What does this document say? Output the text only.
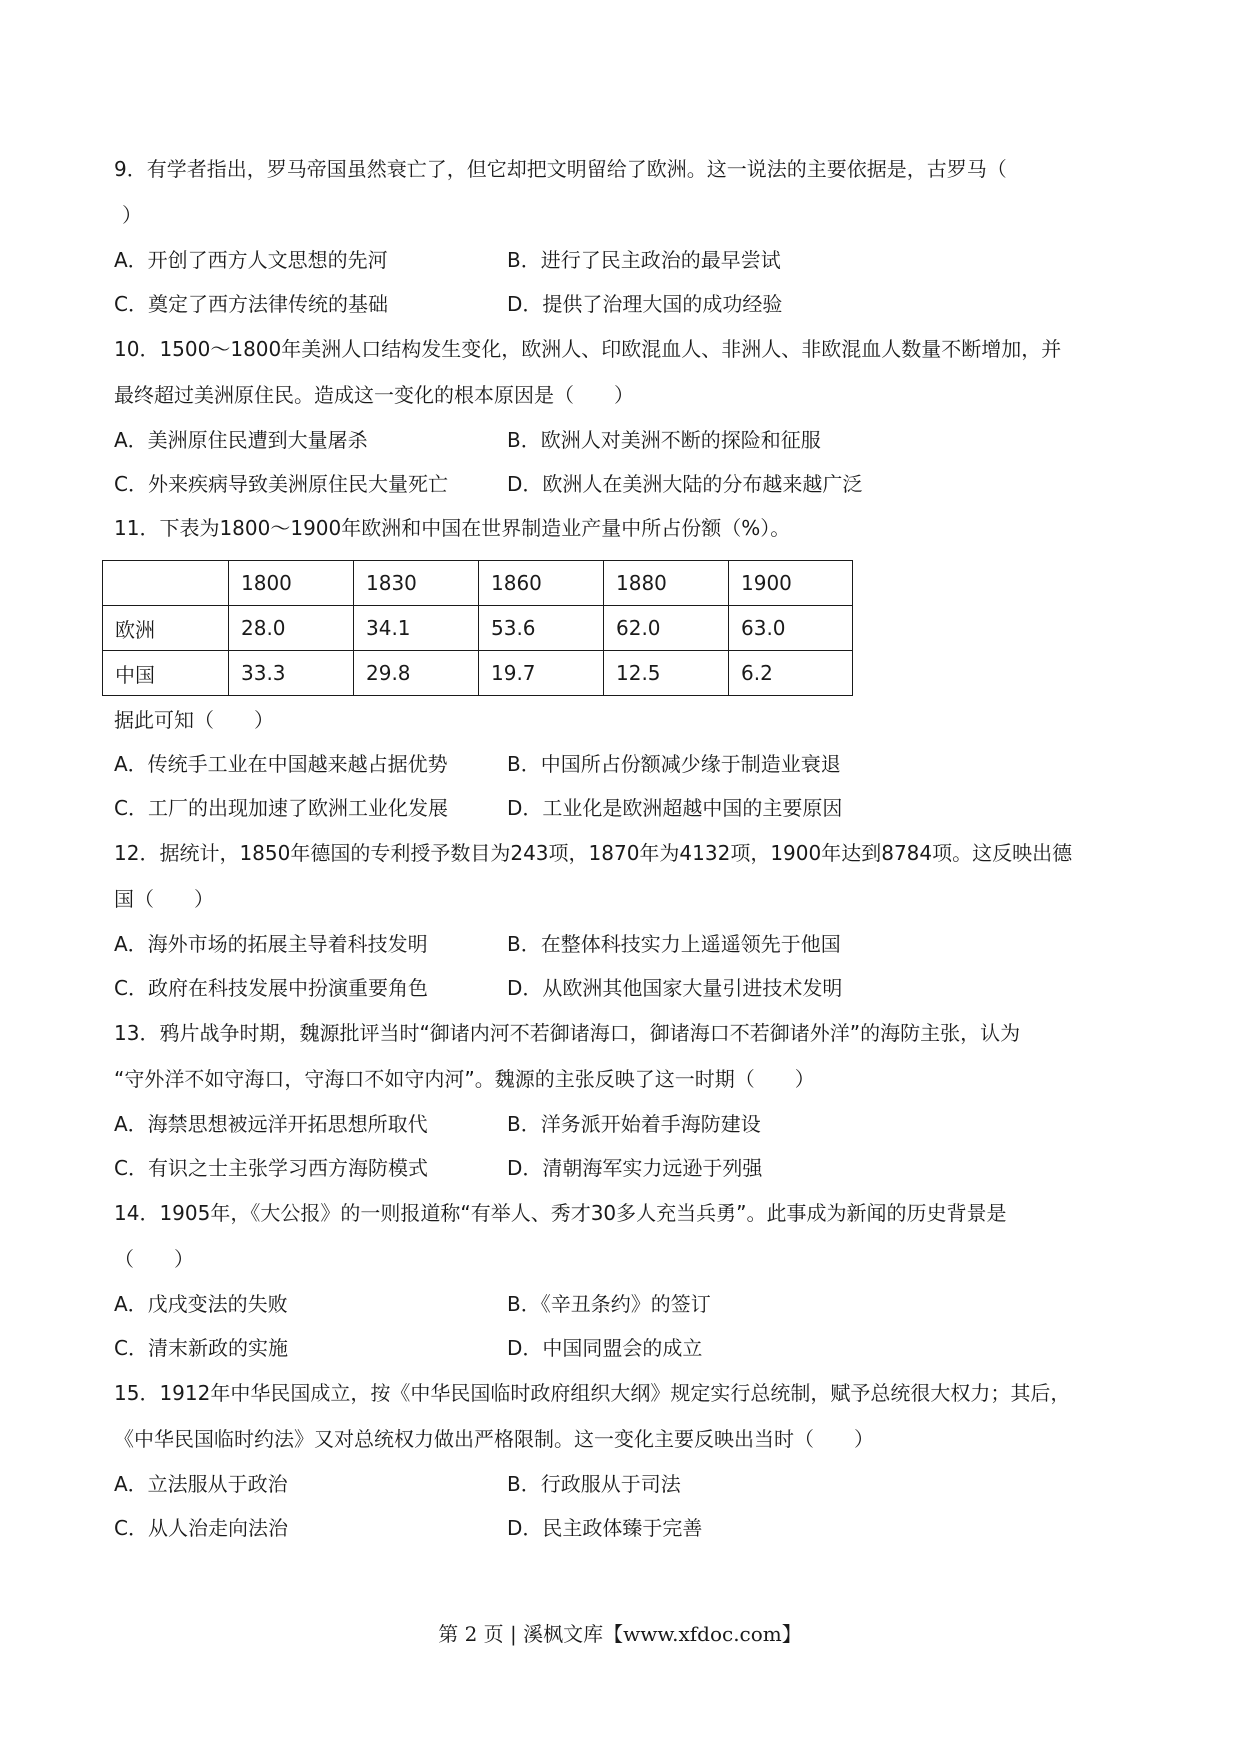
9．有学者指出，罗马帝国虽然衰亡了，但它却把文明留给了欧洲。这一说法的主要依据是，古罗马（
）
A．开创了西方人文思想的先河	B．进行了民主政治的最早尝试
C．奠定了西方法律传统的基础	D．提供了治理大国的成功经验
10．1500～1800年美洲人口结构发生变化，欧洲人、印欧混血人、非洲人、非欧混血人数量不断增加，并
最终超过美洲原住民。造成这一变化的根本原因是（　　）
A．美洲原住民遭到大量屠杀	B．欧洲人对美洲不断的探险和征服
C．外来疾病导致美洲原住民大量死亡	D．欧洲人在美洲大陆的分布越来越广泛
11．下表为1800～1900年欧洲和中国在世界制造业产量中所占份额（%）。
	1800	1830	1860	1880	1900
欧洲	28.0	34.1	53.6	62.0	63.0
中国	33.3	29.8	19.7	12.5	6.2
据此可知（　　）
A．传统手工业在中国越来越占据优势	B．中国所占份额减少缘于制造业衰退
C．工厂的出现加速了欧洲工业化发展	D．工业化是欧洲超越中国的主要原因
12．据统计，1850年德国的专利授予数目为243项，1870年为4132项，1900年达到8784项。这反映出德
国（　　）
A．海外市场的拓展主导着科技发明	B．在整体科技实力上遥遥领先于他国
C．政府在科技发展中扮演重要角色	D．从欧洲其他国家大量引进技术发明
13．鸦片战争时期，魏源批评当时“御诸内河不若御诸海口，御诸海口不若御诸外洋”的海防主张，认为
“守外洋不如守海口，守海口不如守内河”。魏源的主张反映了这一时期（　　）
A．海禁思想被远洋开拓思想所取代	B．洋务派开始着手海防建设
C．有识之士主张学习西方海防模式	D．清朝海军实力远逊于列强
14．1905年，《大公报》的一则报道称“有举人、秀才30多人充当兵勇”。此事成为新闻的历史背景是
（　　）
A．戊戌变法的失败	B．《辛丑条约》的签订
C．清末新政的实施	D．中国同盟会的成立
15．1912年中华民国成立，按《中华民国临时政府组织大纲》规定实行总统制，赋予总统很大权力；其后，
《中华民国临时约法》又对总统权力做出严格限制。这一变化主要反映出当时（　　）
A．立法服从于政治	B．行政服从于司法
C．从人治走向法治	D．民主政体臻于完善
第 2 页 | 溪枫文库【www.xfdoc.com】
